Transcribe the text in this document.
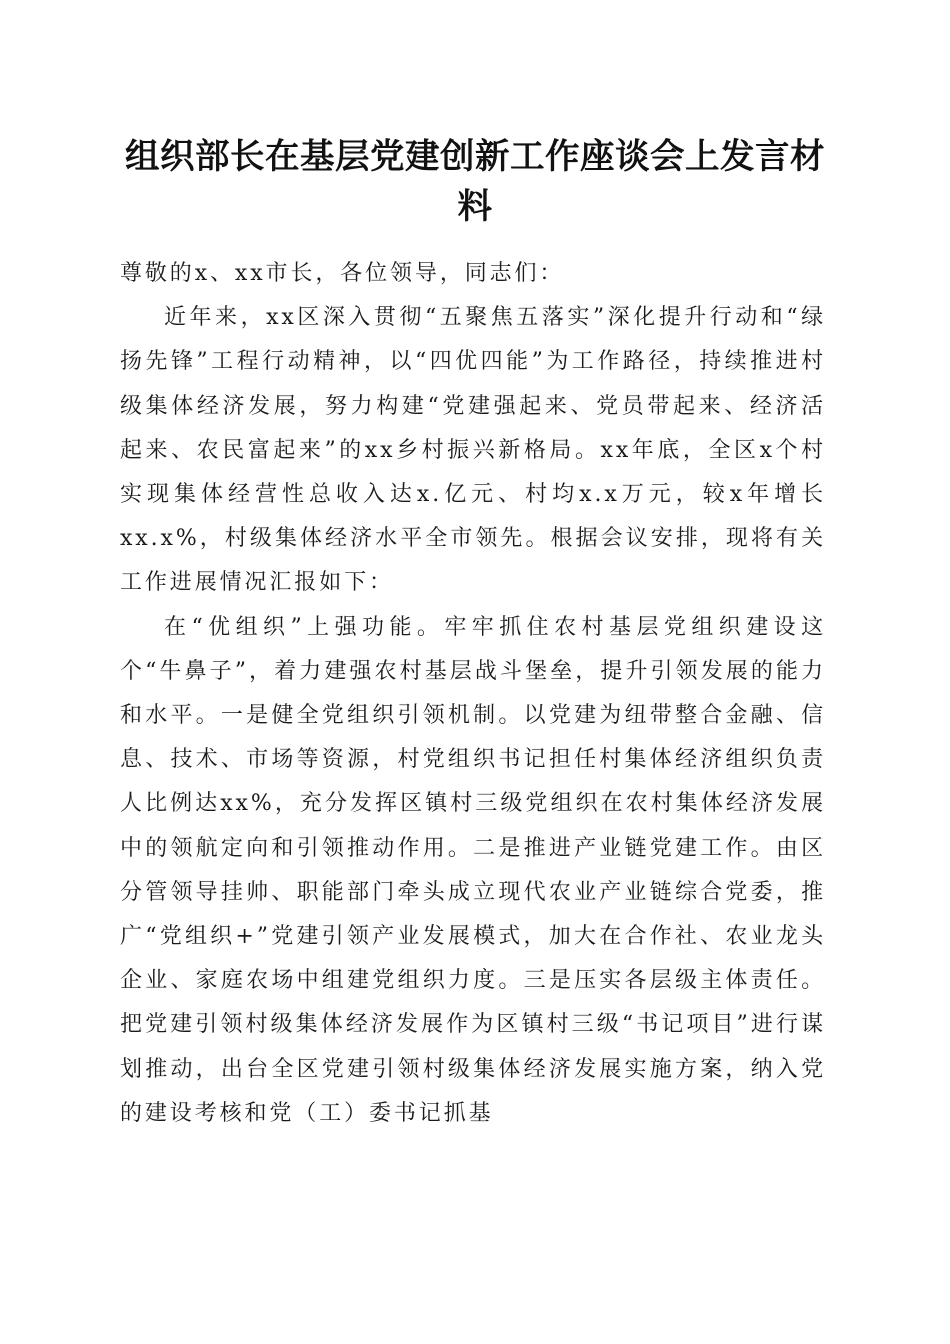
组织部长在基层党建创新工作座谈会上发言材料

尊敬的x、xx市长，各位领导，同志们：

近年来，xx区深入贯彻“五聚焦五落实”深化提升行动和“绿扬先锋”工程行动精神，以“四优四能”为工作路径，持续推进村级集体经济发展，努力构建“党建强起来、党员带起来、经济活起来、农民富起来”的xx乡村振兴新格局。xx年底，全区x个村实现集体经营性总收入达x.亿元、村均x.x万元，较x年增长xx.x%，村级集体经济水平全市领先。根据会议安排，现将有关工作进展情况汇报如下：

在“优组织”上强功能。牢牢抓住农村基层党组织建设这个“牛鼻子”，着力建强农村基层战斗堡垒，提升引领发展的能力和水平。一是健全党组织引领机制。以党建为纽带整合金融、信息、技术、市场等资源，村党组织书记担任村集体经济组织负责人比例达xx%，充分发挥区镇村三级党组织在农村集体经济发展中的领航定向和引领推动作用。二是推进产业链党建工作。由区分管领导挂帅、职能部门牵头成立现代农业产业链综合党委，推广“党组织+”党建引领产业发展模式，加大在合作社、农业龙头企业、家庭农场中组建党组织力度。三是压实各层级主体责任。把党建引领村级集体经济发展作为区镇村三级“书记项目”进行谋划推动，出台全区党建引领村级集体经济发展实施方案，纳入党的建设考核和党（工）委书记抓基
